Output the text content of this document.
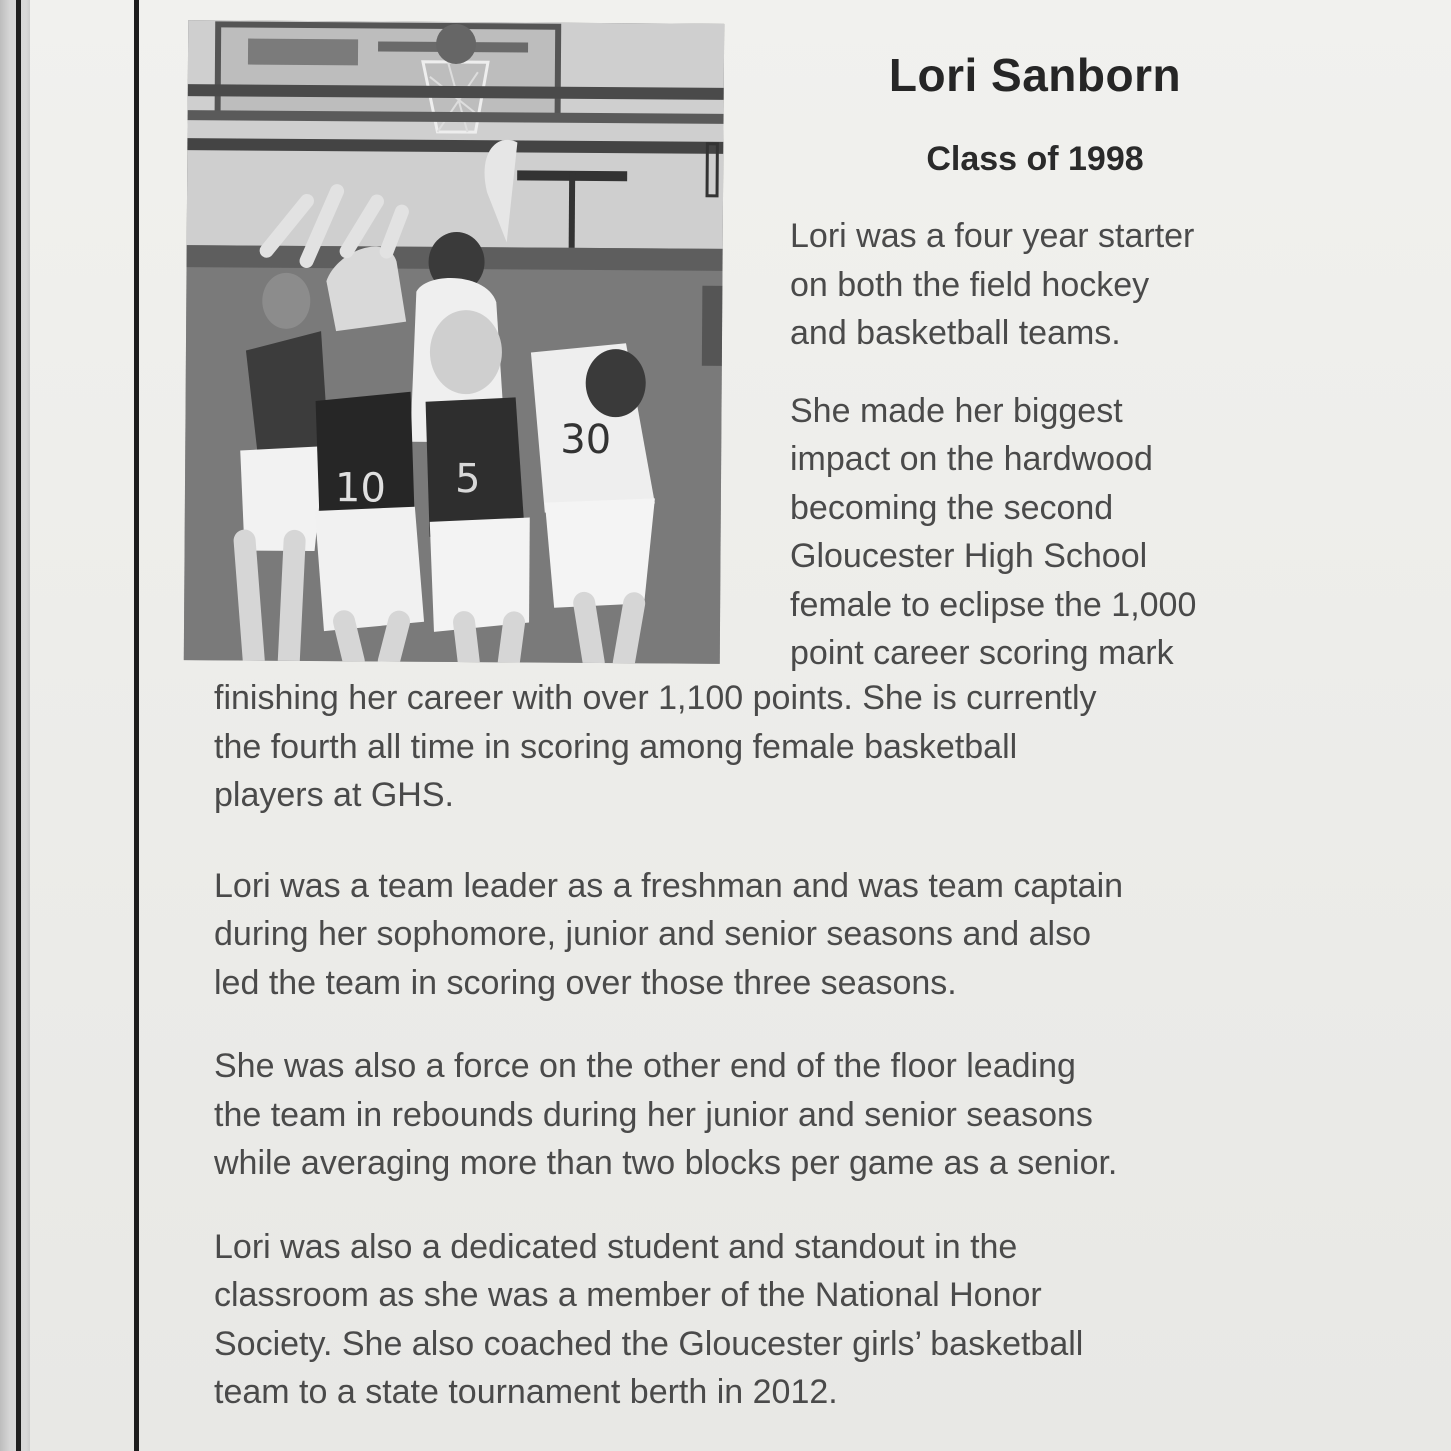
10 5
30
Lori Sanborn
Class of 1998

Lori was a four year starter
on both the field hockey
and basketball teams.

She made her biggest
impact on the hardwood
becoming the second
Gloucester High School
female to eclipse the 1,000
point career scoring mark

finishing her career with over 1,100 points. She is currently
the fourth all time in scoring among female basketball
players at GHS.

Lori was a team leader as a freshman and was team captain
during her sophomore, junior and senior seasons and also
led the team in scoring over those three seasons.

She was also a force on the other end of the floor leading
the team in rebounds during her junior and senior seasons
while averaging more than two blocks per game as a senior.

Lori was also a dedicated student and standout in the
classroom as she was a member of the National Honor
Society. She also coached the Gloucester girls’ basketball
team to a state tournament berth in 2012.
